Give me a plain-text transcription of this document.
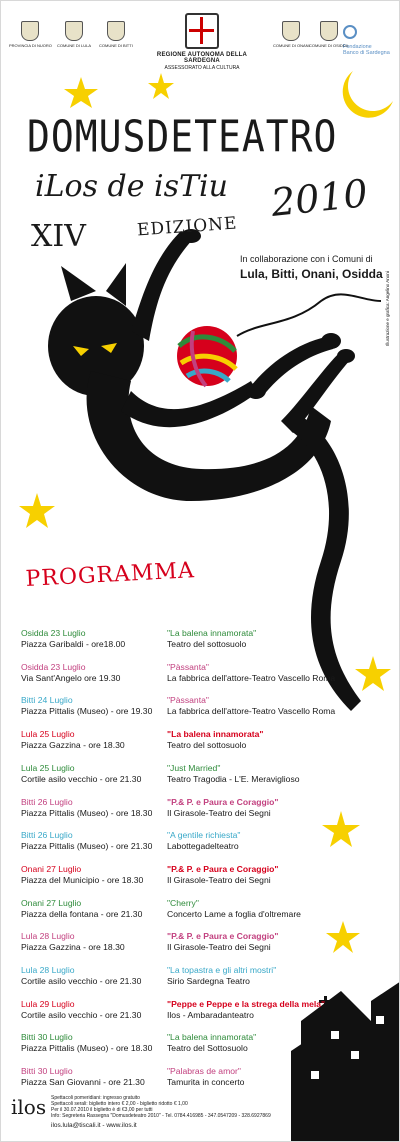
PROVINCIA DI NUORO COMUNE DI LULA COMUNE DI BITTI
REGIONE AUTONOMA DELLA SARDEGNA
ASSESSORATO ALLA CULTURA
COMUNE DI ONANI COMUNE DI OSIDDA
Fondazione
Banco di Sardegna
DOMUSDETEATRO
iLos de isTiu 2010
XIV	EDIZIONE
In collaborazione con i Comuni di
Lula, Bitti, Onani, Osidda Illustrazione e grafica: Angelino Anoni
PROGRAMMA
Osidda 23 Luglio
Piazza Garibaldi - ore18.00
"La balena innamorata"
Teatro del sottosuolo
Osidda 23 Luglio
Via Sant'Angelo ore 19.30
"Pàssanta"
La fabbrica dell'attore-Teatro Vascello Roma
Bitti 24 Luglio
Piazza Pittalis (Museo) - ore 19.30
"Pàssanta"
La fabbrica dell'attore-Teatro Vascello Roma
Lula 25 Luglio
Piazza Gazzina - ore 18.30
"La balena innamorata"
Teatro del sottosuolo
Lula 25 Luglio
Cortile asilo vecchio - ore 21.30
"Just Married"
Teatro Tragodia - L'E. Meraviglioso
Bitti 26 Luglio
Piazza Pittalis (Museo) - ore 18.30
"P.& P. e Paura e Coraggio"
Il Girasole-Teatro dei Segni
Bitti 26 Luglio
Piazza Pittalis (Museo) - ore 21.30
"A gentile richiesta"
Labottegadelteatro
Onani 27 Luglio
Piazza del Municipio - ore 18.30
"P.& P. e Paura e Coraggio"
Il Girasole-Teatro dei Segni
Onani 27 Luglio
Piazza della fontana - ore 21.30
"Cherry"
Concerto Lame a foglia d'oltremare
Lula 28 Luglio
Piazza Gazzina - ore 18.30
"P.& P. e Paura e Coraggio"
Il Girasole-Teatro dei Segni
Lula 28 Luglio
Cortile asilo vecchio - ore 21.30
"La topastra e gli altri mostri"
Sirio Sardegna Teatro
Lula 29 Luglio
Cortile asilo vecchio - ore 21.30
"Peppe e Peppe e la strega della mela"
Ilos - Ambaradanteatro
Bitti 30 Luglio
Piazza Pittalis (Museo) - ore 18.30
"La balena innamorata"
Teatro del Sottosuolo
Bitti 30 Luglio
Piazza San Giovanni - ore 21.30
"Palabras de amor"
Tamurita in concerto
ilos Spettacoli pomeridiani: ingresso gratuito
Spettacoli serali: biglietto intero € 2,00 - biglietto ridotto € 1,00
Per il 30.07.2010 il biglietto è di €3,00 per tutti
Info: Segreteria Rassegna "Domusdeteatro 2010" - Tel. 0784.416985 - 347.0547209 - 328.6927869
ilos.lula@tiscali.it - www.ilos.it
